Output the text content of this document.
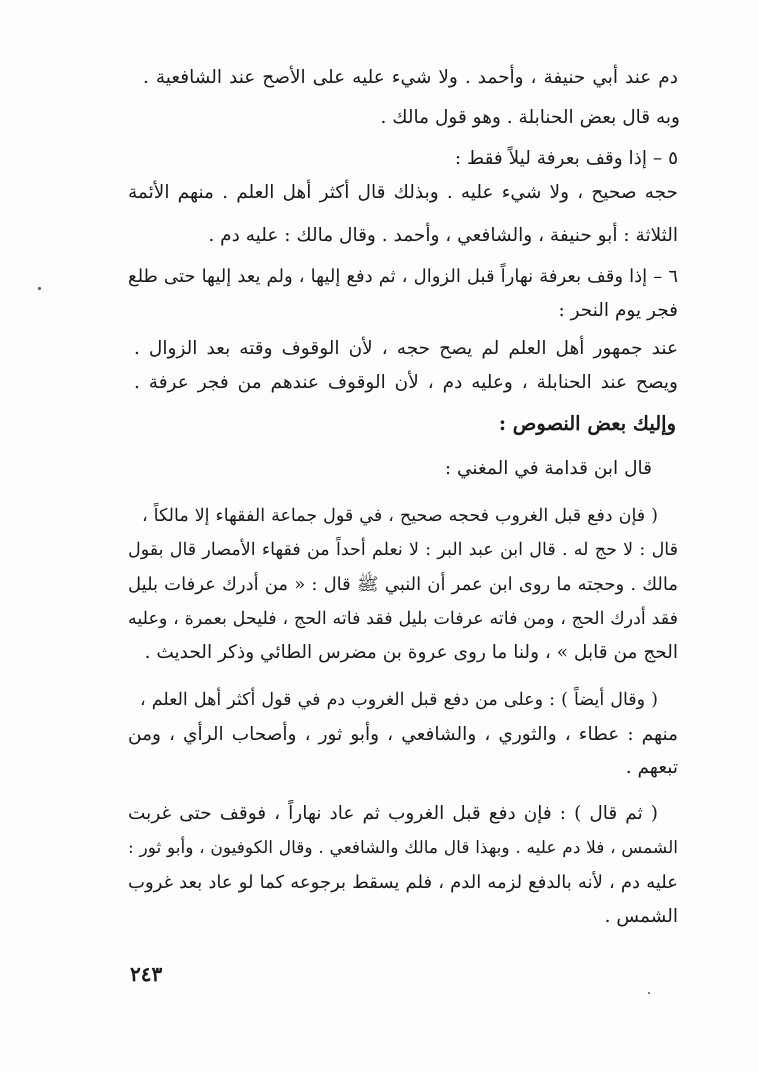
دم عند أبي حنيفة ، وأحمد . ولا شيء عليه على الأصح عند الشافعية .
وبه قال بعض الحنابلة . وهو قول مالك .
٥ – إذا وقف بعرفة ليلاً فقط :
حجه صحيح ، ولا شيء عليه . وبذلك قال أكثر أهل العلم . منهم الأئمة
الثلاثة : أبو حنيفة ، والشافعي ، وأحمد . وقال مالك : عليه دم .
٦ – إذا وقف بعرفة نهاراً قبل الزوال ، ثم دفع إليها ، ولم يعد إليها حتى طلع
فجر يوم النحر :
عند جمهور أهل العلم لم يصح حجه ، لأن الوقوف وقته بعد الزوال .
ويصح عند الحنابلة ، وعليه دم ، لأن الوقوف عندهم من فجر عرفة .
وإليك بعض النصوص :
قال ابن قدامة في المغني :
( فإن دفع قبل الغروب فحجه صحيح ، في قول جماعة الفقهاء إلا مالكاً ،
قال : لا حج له . قال ابن عبد البر : لا نعلم أحداً من فقهاء الأمصار قال بقول
مالك . وحجته ما روى ابن عمر أن النبي ﷺ قال : « من أدرك عرفات بليل
فقد أدرك الحج ، ومن فاته عرفات بليل فقد فاته الحج ، فليحل بعمرة ، وعليه
الحج من قابل » ، ولنا ما روى عروة بن مضرس الطائي وذكر الحديث .
( وقال أيضاً ) : وعلى من دفع قبل الغروب دم في قول أكثر أهل العلم ،
منهم : عطاء ، والثوري ، والشافعي ، وأبو ثور ، وأصحاب الرأي ، ومن
تبعهم .
( ثم قال ) : فإن دفع قبل الغروب ثم عاد نهاراً ، فوقف حتى غربت
الشمس ، فلا دم عليه . وبهذا قال مالك والشافعي . وقال الكوفيون ، وأبو ثور :
عليه دم ، لأنه بالدفع لزمه الدم ، فلم يسقط برجوعه كما لو عاد بعد غروب
الشمس .
٢٤٣
